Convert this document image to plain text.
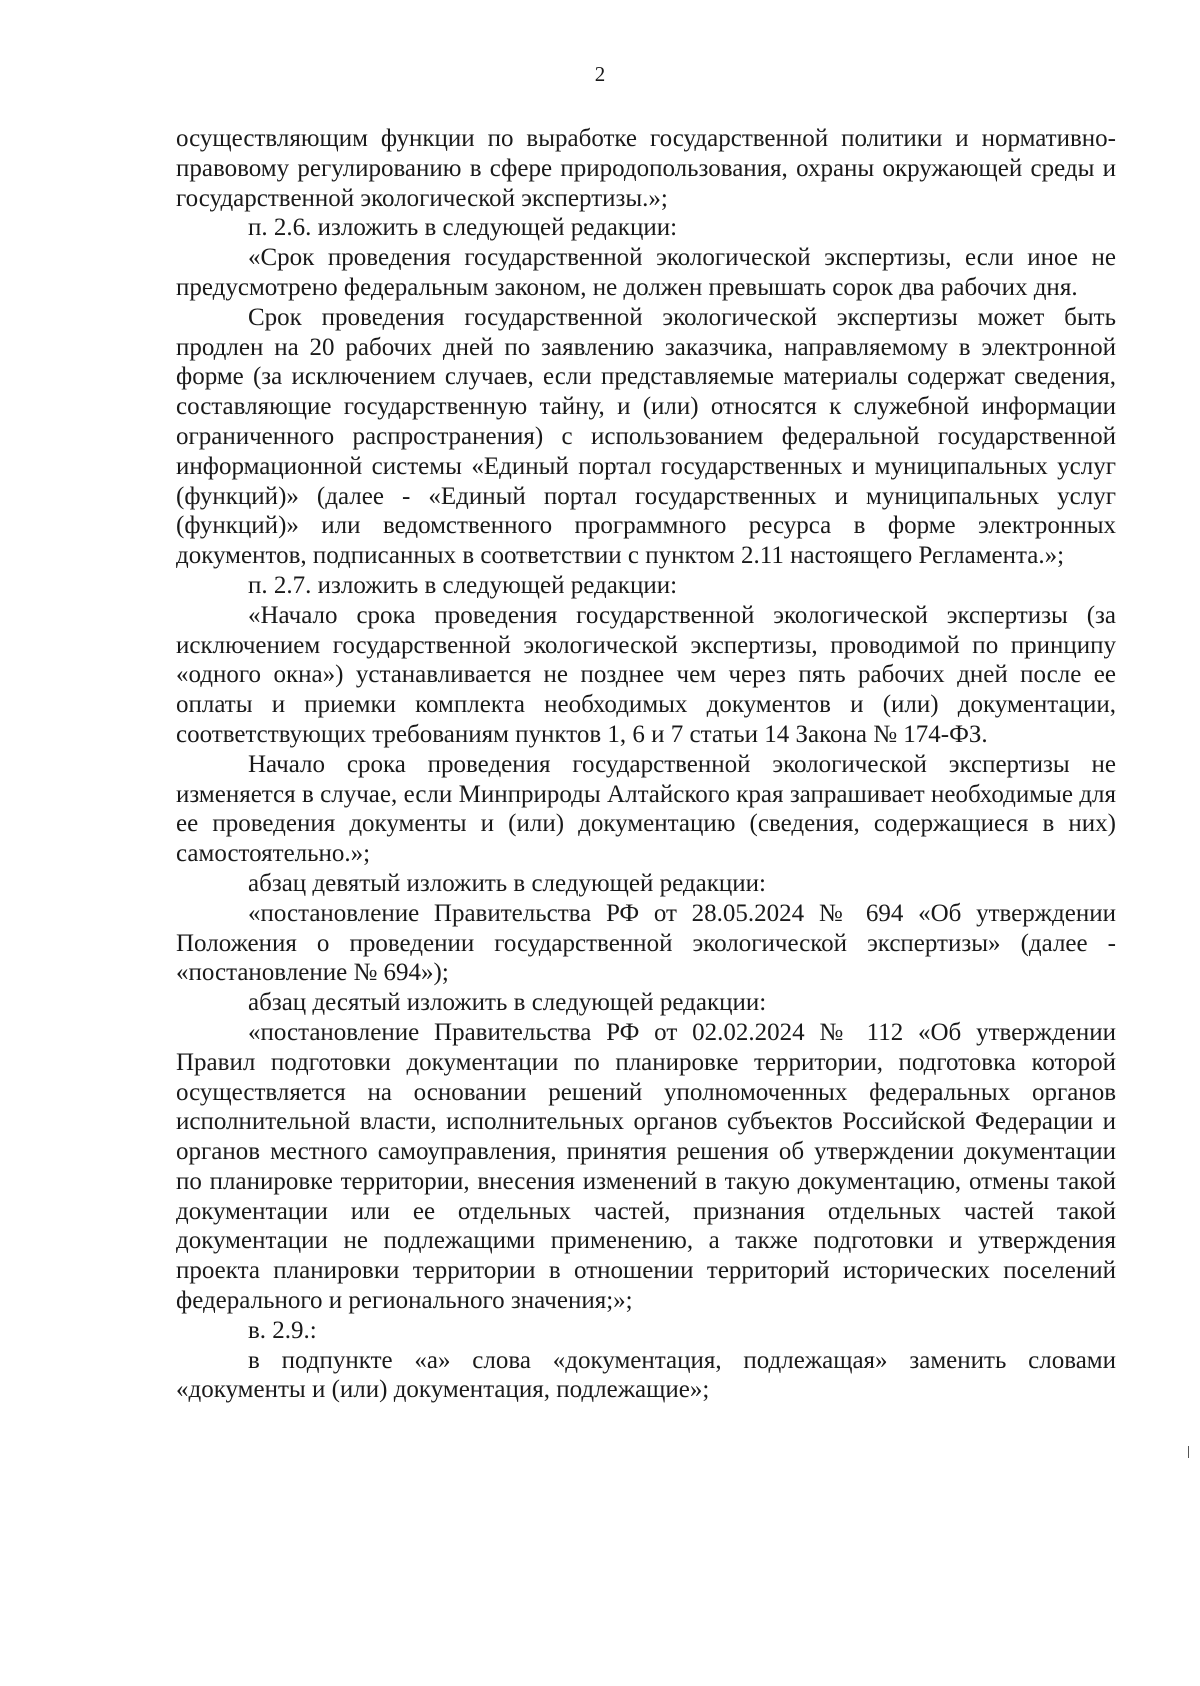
2

осуществляющим функции по выработке государственной политики и нормативно-правовому регулированию в сфере природопользования, охраны окружающей среды и государственной экологической экспертизы.»;

п. 2.6. изложить в следующей редакции:

«Срок проведения государственной экологической экспертизы, если иное не предусмотрено федеральным законом, не должен превышать сорок два рабочих дня.

Срок проведения государственной экологической экспертизы может быть продлен на 20 рабочих дней по заявлению заказчика, направляемому в электронной форме (за исключением случаев, если представляемые материалы содержат сведения, составляющие государственную тайну, и (или) относятся к служебной информации ограниченного распространения) с использованием федеральной государственной информационной системы «Единый портал государственных и муниципальных услуг (функций)» (далее - «Единый портал государственных и муниципальных услуг (функций)» или ведомственного программного ресурса в форме электронных документов, подписанных в соответствии с пунктом 2.11 настоящего Регламента.»;

п. 2.7. изложить в следующей редакции:

«Начало срока проведения государственной экологической экспертизы (за исключением государственной экологической экспертизы, проводимой по принципу «одного окна») устанавливается не позднее чем через пять рабочих дней после ее оплаты и приемки комплекта необходимых документов и (или) документации, соответствующих требованиям пунктов 1, 6 и 7 статьи 14 Закона № 174-ФЗ.

Начало срока проведения государственной экологической экспертизы не изменяется в случае, если Минприроды Алтайского края запрашивает необходимые для ее проведения документы и (или) документацию (сведения, содержащиеся в них) самостоятельно.»;

абзац девятый изложить в следующей редакции:

«постановление Правительства РФ от 28.05.2024 № 694 «Об утверждении Положения о проведении государственной экологической экспертизы» (далее - «постановление № 694»);

абзац десятый изложить в следующей редакции:

«постановление Правительства РФ от 02.02.2024 № 112 «Об утверждении Правил подготовки документации по планировке территории, подготовка которой осуществляется на основании решений уполномоченных федеральных органов исполнительной власти, исполнительных органов субъектов Российской Федерации и органов местного самоуправления, принятия решения об утверждении документации по планировке территории, внесения изменений в такую документацию, отмены такой документации или ее отдельных частей, признания отдельных частей такой документации не подлежащими применению, а также подготовки и утверждения проекта планировки территории в отношении территорий исторических поселений федерального и регионального значения;»;

в. 2.9.:

в подпункте «а» слова «документация, подлежащая» заменить словами «документы и (или) документация, подлежащие»;
